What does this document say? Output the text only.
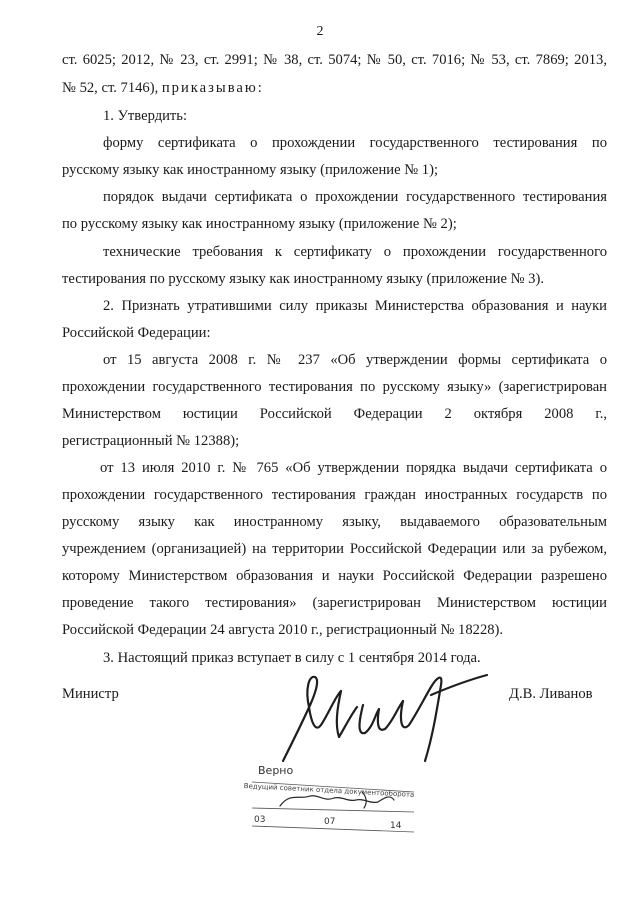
2
ст. 6025; 2012, № 23, ст. 2991; № 38, ст. 5074; № 50, ст. 7016; № 53, ст. 7869; 2013,
№ 52, ст. 7146), приказываю:
1. Утвердить:
форму сертификата о прохождении государственного тестирования по
русскому языку как иностранному языку (приложение № 1);
порядок выдачи сертификата о прохождении государственного тестирования
по русскому языку как иностранному языку (приложение № 2);
технические требования к сертификату о прохождении государственного
тестирования по русскому языку как иностранному языку (приложение № 3).
2. Признать утратившими силу приказы Министерства образования и науки
Российской Федерации:
от 15 августа 2008 г. № 237 «Об утверждении формы сертификата о
прохождении государственного тестирования по русскому языку» (зарегистрирован
Министерством юстиции Российской Федерации 2 октября 2008 г.,
регистрационный № 12388);
от 13 июля 2010 г. № 765 «Об утверждении порядка выдачи сертификата о
прохождении государственного тестирования граждан иностранных государств по
русскому языку как иностранному языку, выдаваемого образовательным
учреждением (организацией) на территории Российской Федерации или за рубежом,
которому Министерством образования и науки Российской Федерации разрешено
проведение такого тестирования» (зарегистрирован Министерством юстиции
Российской Федерации 24 августа 2010 г., регистрационный № 18228).
3. Настоящий приказ вступает в силу с 1 сентября 2014 года.
Министр	Д.В. Ливанов
Верно
Ведущий советник отдела документооборота
03	07	14
